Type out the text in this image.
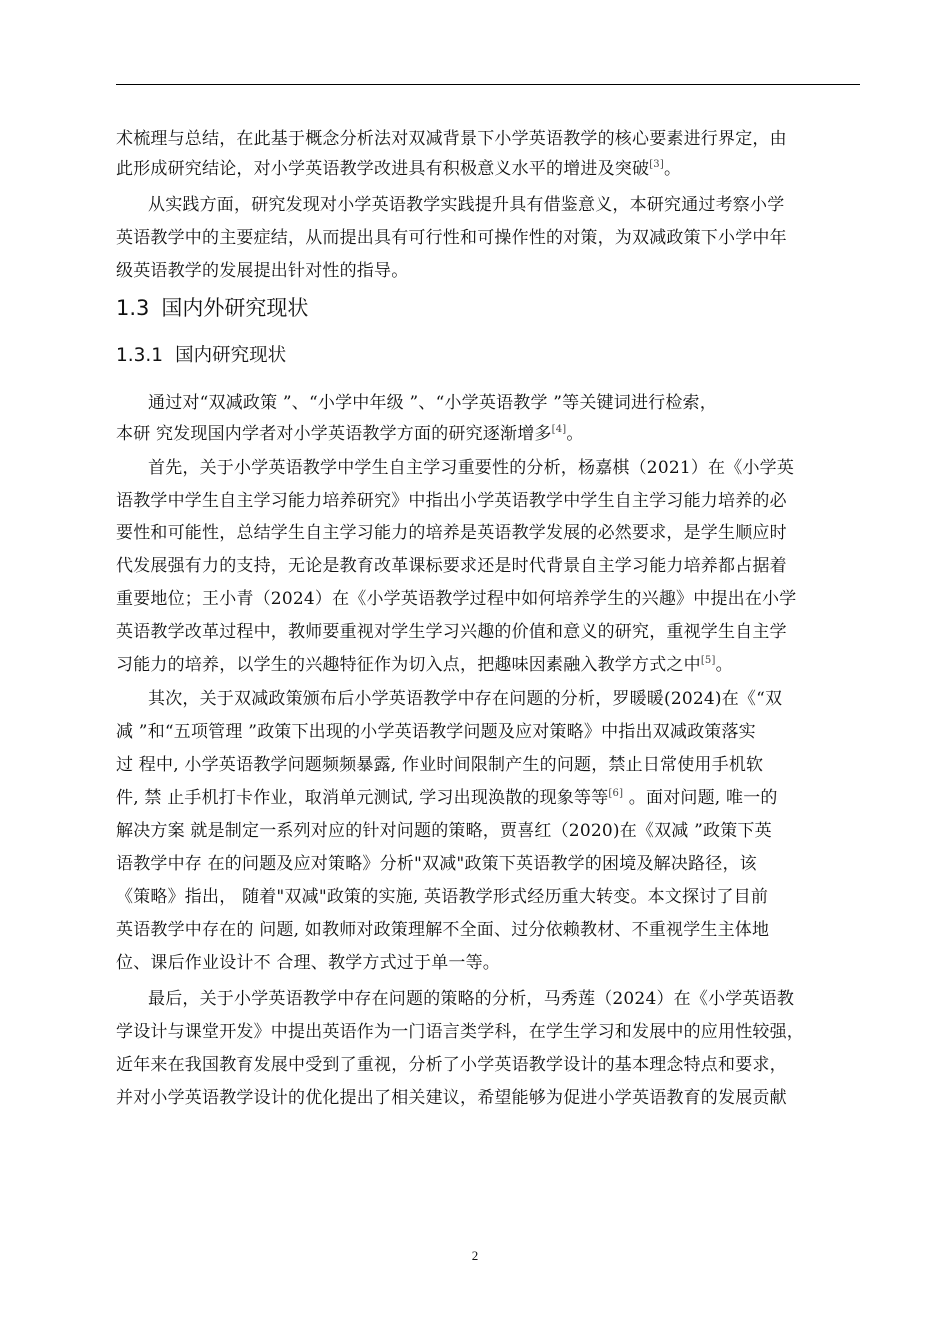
术梳理与总结，在此基于概念分析法对双减背景下小学英语教学的核心要素进行界定，由
此形成研究结论，对小学英语教学改进具有积极意义水平的增进及突破[3]。
从实践方面，研究发现对小学英语教学实践提升具有借鉴意义，本研究通过考察小学
英语教学中的主要症结，从而提出具有可行性和可操作性的对策，为双减政策下小学中年
级英语教学的发展提出针对性的指导。
1.3 国内外研究现状
1.3.1 国内研究现状
通过对“双减政策 ”、“小学中年级 ”、“小学英语教学 ”等关键词进行检索，
本研 究发现国内学者对小学英语教学方面的研究逐渐增多[4]。
首先，关于小学英语教学中学生自主学习重要性的分析，杨嘉棋（2021）在《小学英
语教学中学生自主学习能力培养研究》中指出小学英语教学中学生自主学习能力培养的必
要性和可能性，总结学生自主学习能力的培养是英语教学发展的必然要求，是学生顺应时
代发展强有力的支持，无论是教育改革课标要求还是时代背景自主学习能力培养都占据着
重要地位；王小青（2024）在《小学英语教学过程中如何培养学生的兴趣》中提出在小学
英语教学改革过程中，教师要重视对学生学习兴趣的价值和意义的研究，重视学生自主学
习能力的培养，以学生的兴趣特征作为切入点，把趣味因素融入教学方式之中[5]。
其次，关于双减政策颁布后小学英语教学中存在问题的分析，罗暖暖(2024)在《“双
减 ”和“五项管理 ”政策下出现的小学英语教学问题及应对策略》中指出双减政策落实
过 程中, 小学英语教学问题频频暴露, 作业时间限制产生的问题，禁止日常使用手机软
件, 禁 止手机打卡作业，取消单元测试, 学习出现涣散的现象等等[6] 。面对问题, 唯一的
解决方案 就是制定一系列对应的针对问题的策略，贾喜红（2020)在《双减 ”政策下英
语教学中存 在的问题及应对策略》分析"双减"政策下英语教学的困境及解决路径，该
《策略》指出， 随着"双减"政策的实施, 英语教学形式经历重大转变。本文探讨了目前
英语教学中存在的 问题, 如教师对政策理解不全面、过分依赖教材、不重视学生主体地
位、课后作业设计不 合理、教学方式过于单一等。
最后，关于小学英语教学中存在问题的策略的分析，马秀莲（2024）在《小学英语教
学设计与课堂开发》中提出英语作为一门语言类学科，在学生学习和发展中的应用性较强，
近年来在我国教育发展中受到了重视，分析了小学英语教学设计的基本理念特点和要求，
并对小学英语教学设计的优化提出了相关建议，希望能够为促进小学英语教育的发展贡献
2
